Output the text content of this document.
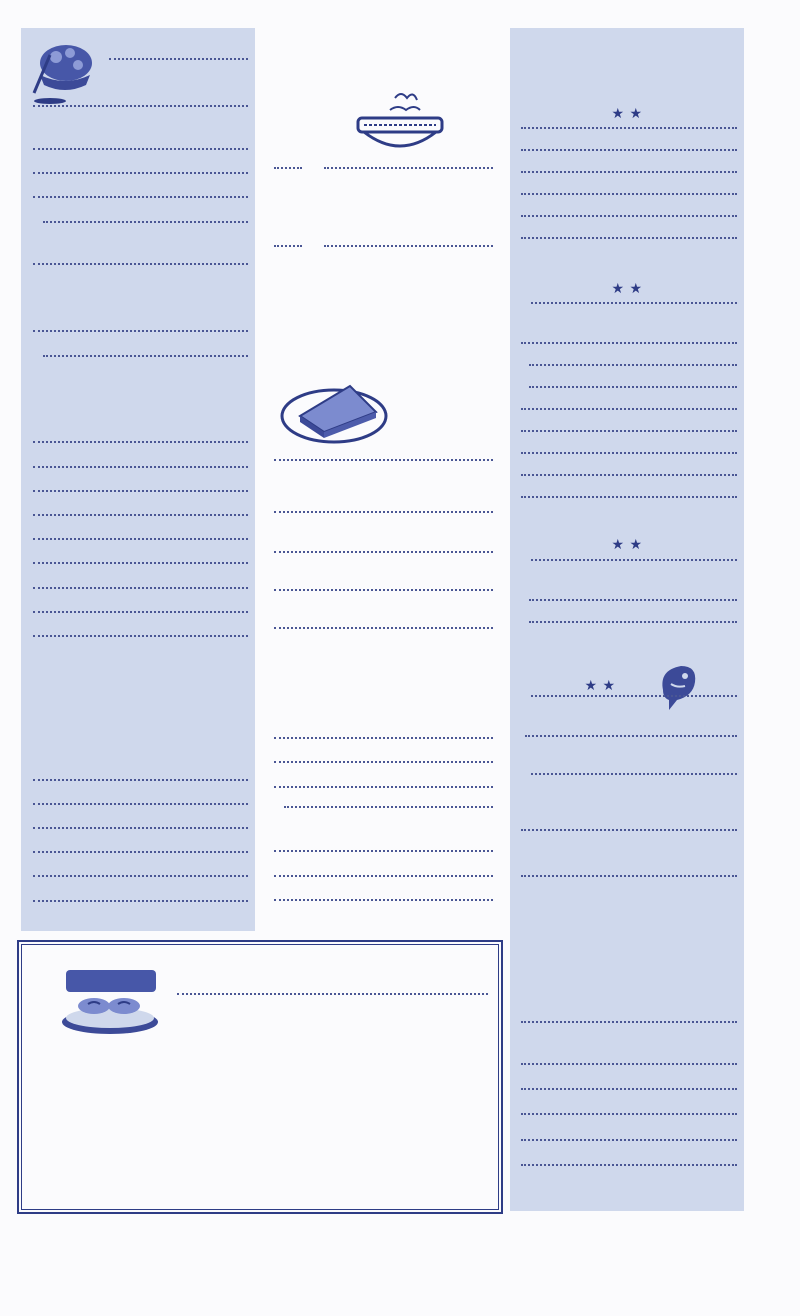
★ ★
★ ★
★ ★
★ ★
